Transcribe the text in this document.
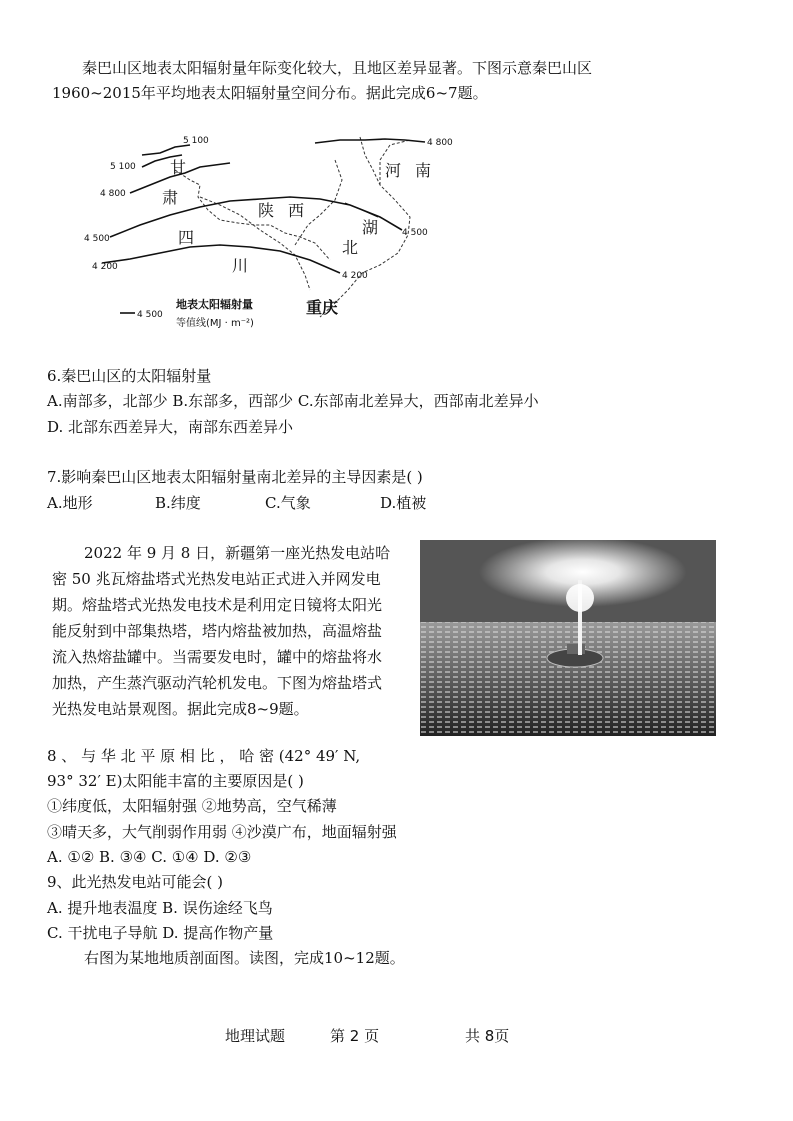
秦巴山区地表太阳辐射量年际变化较大，且地区差异显著。下图示意秦巴山区
1960~2015年平均地表太阳辐射量空间分布。据此完成6~7题。
5 100
5 100
4 800
4 500
4 200
4 800
4 500
4 200
甘
肃
陕 西
四
川
河 南
湖
北
重庆
4 500
地表太阳辐射量
等值线(MJ · m⁻²)
6.秦巴山区的太阳辐射量
A.南部多，北部少 B.东部多，西部少 C.东部南北差异大，西部南北差异小
D. 北部东西差异大，南部东西差异小
7.影响秦巴山区地表太阳辐射量南北差异的主导因素是( )
A.地形	B.纬度	C.气象	D.植被
2022 年 9 月 8 日，新疆第一座光热发电站哈
密 50 兆瓦熔盐塔式光热发电站正式进入并网发电
期。熔盐塔式光热发电技术是利用定日镜将太阳光
能反射到中部集热塔，塔内熔盐被加热，高温熔盐
流入热熔盐罐中。当需要发电时，罐中的熔盐将水
加热，产生蒸汽驱动汽轮机发电。下图为熔盐塔式
光热发电站景观图。据此完成8~9题。
8 、 与 华 北 平 原 相 比 ， 哈 密 (42° 49′ N,
93° 32′ E)太阳能丰富的主要原因是( )
①纬度低，太阳辐射强 ②地势高，空气稀薄
③晴天多，大气削弱作用弱 ④沙漠广布，地面辐射强
A. ①② B. ③④ C. ①④ D. ②③
9、此光热发电站可能会( )
A. 提升地表温度 B. 误伤途经飞鸟
C. 干扰电子导航 D. 提高作物产量
右图为某地地质剖面图。读图，完成10~12题。
地理试题	第 2 页	共 8页
